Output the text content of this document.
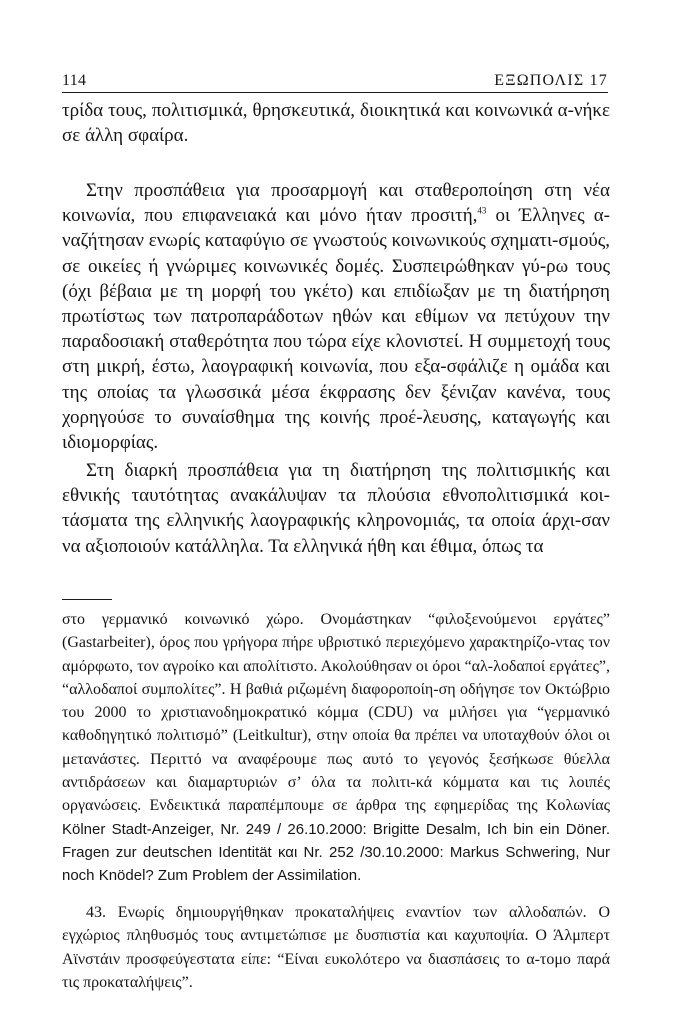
114	ΕΞΩΠΟΛΙΣ 17

τρίδα τους, πολιτισμικά, θρησκευτικά, διοικητικά και κοινωνικά α-νήκε σε άλλη σφαίρα.

Στην προσπάθεια για προσαρμογή και σταθεροποίηση στη νέα κοινωνία, που επιφανειακά και μόνο ήταν προσιτή,$^{43}$ οι Έλληνες α-ναζήτησαν ενωρίς καταφύγιο σε γνωστούς κοινωνικούς σχηματι-σμούς, σε οικείες ή γνώριμες κοινωνικές δομές. Συσπειρώθηκαν γύ-ρω τους (όχι βέβαια με τη μορφή του γκέτο) και επιδίωξαν με τη διατήρηση πρωτίστως των πατροπαράδοτων ηθών και εθίμων να πετύχουν την παραδοσιακή σταθερότητα που τώρα είχε κλονιστεί. Η συμμετοχή τους στη μικρή, έστω, λαογραφική κοινωνία, που εξα-σφάλιζε η ομάδα και της οποίας τα γλωσσικά μέσα έκφρασης δεν ξένιζαν κανένα, τους χορηγούσε το συναίσθημα της κοινής προέ-λευσης, καταγωγής και ιδιομορφίας.

Στη διαρκή προσπάθεια για τη διατήρηση της πολιτισμικής και εθνικής ταυτότητας ανακάλυψαν τα πλούσια εθνοπολιτισμικά κοι-τάσματα της ελληνικής λαογραφικής κληρονομιάς, τα οποία άρχι-σαν να αξιοποιούν κατάλληλα. Τα ελληνικά ήθη και έθιμα, όπως τα

στο γερμανικό κοινωνικό χώρο. Ονομάστηκαν “φιλοξενούμενοι εργάτες” (Gastarbeiter), όρος που γρήγορα πήρε υβριστικό περιεχόμενο χαρακτηρίζο-ντας τον αμόρφωτο, τον αγροίκο και απολίτιστο. Ακολούθησαν οι όροι “αλ-λοδαποί εργάτες”, “αλλοδαποί συμπολίτες”. Η βαθιά ριζωμένη διαφοροποίη-ση οδήγησε τον Οκτώβριο του 2000 το χριστιανοδημοκρατικό κόμμα (CDU) να μιλήσει για “γερμανικό καθοδηγητικό πολιτισμό” (Leitkultur), στην οποία θα πρέπει να υποταχθούν όλοι οι μετανάστες. Περιττό να αναφέρουμε πως αυτό το γεγονός ξεσήκωσε θύελλα αντιδράσεων και διαμαρτυριών σ’ όλα τα πολιτι-κά κόμματα και τις λοιπές οργανώσεις. Ενδεικτικά παραπέμπουμε σε άρθρα της εφημερίδας της Κολωνίας Kölner Stadt-Anzeiger, Nr. 249 / 26.10.2000: Brigitte Desalm, Ich bin ein Döner. Fragen zur deutschen Identität και Nr. 252 /30.10.2000: Markus Schwering, Nur noch Knödel? Zum Problem der Assimilation.

43. Ενωρίς δημιουργήθηκαν προκαταλήψεις εναντίον των αλλοδαπών. Ο εγχώριος πληθυσμός τους αντιμετώπισε με δυσπιστία και καχυποψία. Ο Άλμπερτ Αϊνστάιν προσφεύγεστατα είπε: “Είναι ευκολότερο να διασπάσεις το α-τομο παρά τις προκαταλήψεις”.
